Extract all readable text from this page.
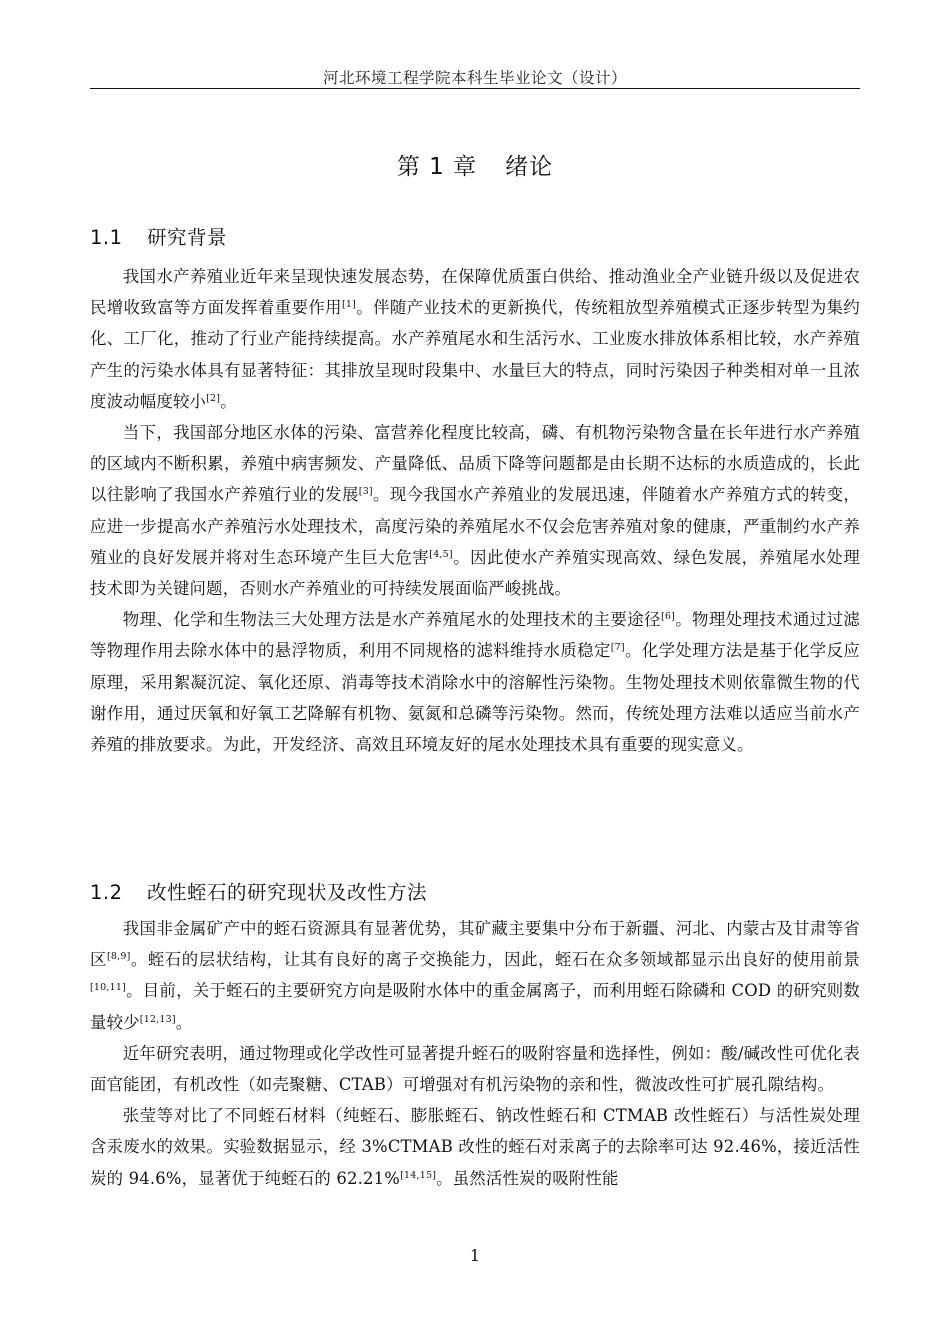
河北环境工程学院本科生毕业论文（设计）
第 1 章 绪论
1.1 研究背景

我国水产养殖业近年来呈现快速发展态势，在保障优质蛋白供给、推动渔业全产业链升级以及促进农民增收致富等方面发挥着重要作用[1]。伴随产业技术的更新换代，传统粗放型养殖模式正逐步转型为集约化、工厂化，推动了行业产能持续提高。水产养殖尾水和生活污水、工业废水排放体系相比较，水产养殖产生的污染水体具有显著特征：其排放呈现时段集中、水量巨大的特点，同时污染因子种类相对单一且浓度波动幅度较小[2]。

当下，我国部分地区水体的污染、富营养化程度比较高，磷、有机物污染物含量在长年进行水产养殖的区域内不断积累，养殖中病害频发、产量降低、品质下降等问题都是由长期不达标的水质造成的，长此以往影响了我国水产养殖行业的发展[3]。现今我国水产养殖业的发展迅速，伴随着水产养殖方式的转变，应进一步提高水产养殖污水处理技术，高度污染的养殖尾水不仅会危害养殖对象的健康，严重制约水产养殖业的良好发展并将对生态环境产生巨大危害[4,5]。因此使水产养殖实现高效、绿色发展，养殖尾水处理技术即为关键问题，否则水产养殖业的可持续发展面临严峻挑战。

物理、化学和生物法三大处理方法是水产养殖尾水的处理技术的主要途径[6]。物理处理技术通过过滤等物理作用去除水体中的悬浮物质，利用不同规格的滤料维持水质稳定[7]。化学处理方法是基于化学反应原理，采用絮凝沉淀、氧化还原、消毒等技术消除水中的溶解性污染物。生物处理技术则依靠微生物的代谢作用，通过厌氧和好氧工艺降解有机物、氨氮和总磷等污染物。然而，传统处理方法难以适应当前水产养殖的排放要求。为此，开发经济、高效且环境友好的尾水处理技术具有重要的现实意义。

1.2 改性蛭石的研究现状及改性方法

我国非金属矿产中的蛭石资源具有显著优势，其矿藏主要集中分布于新疆、河北、内蒙古及甘肃等省区[8,9]。蛭石的层状结构，让其有良好的离子交换能力，因此，蛭石在众多领域都显示出良好的使用前景[10,11]。目前，关于蛭石的主要研究方向是吸附水体中的重金属离子，而利用蛭石除磷和 COD 的研究则数量较少[12,13]。

近年研究表明，通过物理或化学改性可显著提升蛭石的吸附容量和选择性，例如：酸/碱改性可优化表面官能团，有机改性（如壳聚糖、CTAB）可增强对有机污染物的亲和性，微波改性可扩展孔隙结构。

张莹等对比了不同蛭石材料（纯蛭石、膨胀蛭石、钠改性蛭石和 CTMAB 改性蛭石）与活性炭处理含汞废水的效果。实验数据显示，经 3%CTMAB 改性的蛭石对汞离子的去除率可达 92.46%，接近活性炭的 94.6%，显著优于纯蛭石的 62.21%[14,15]。虽然活性炭的吸附性能

1
